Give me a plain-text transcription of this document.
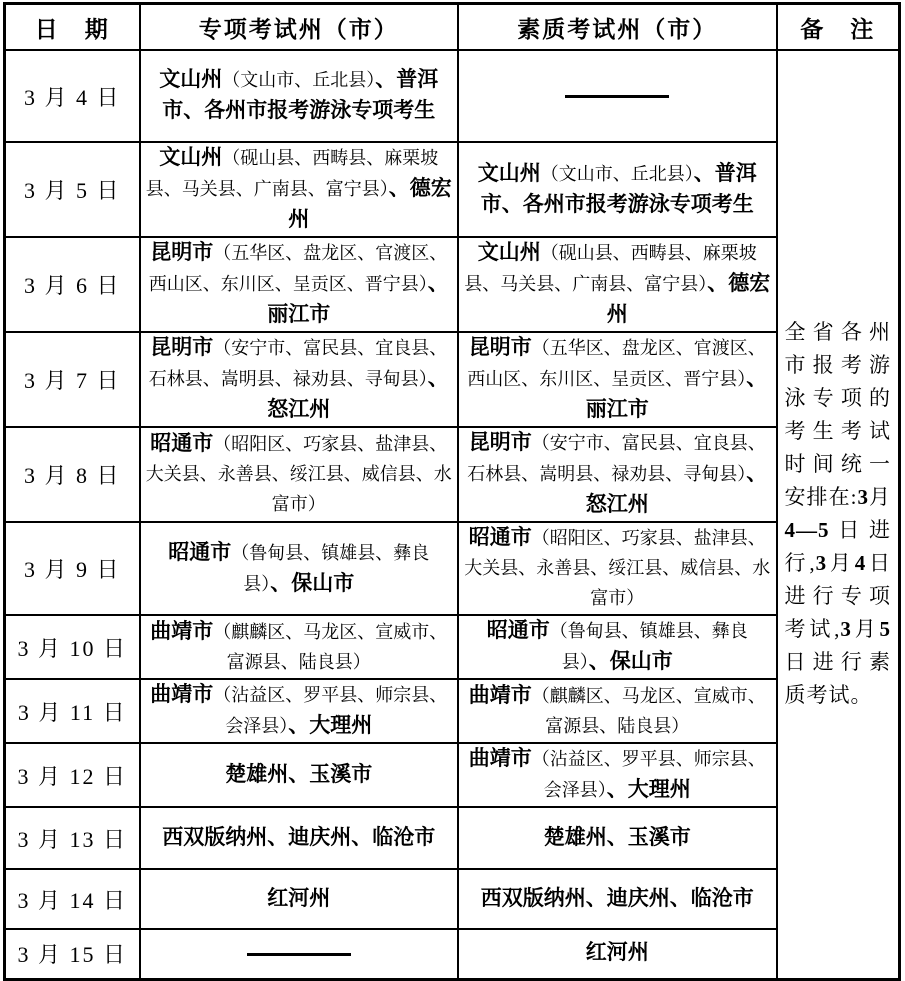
日　期	专项考试州（市）	素质考试州（市）	备　注
3 月 4 日	文山州（文山市、丘北县）、普洱市、各州市报考游泳专项考生		全省各州市报考游泳专项的考生考试时间统一安排在:3月4—5日进行,3月4日进行专项考试,3月5日进行素质考试。
3 月 5 日	文山州（砚山县、西畴县、麻栗坡县、马关县、广南县、富宁县）、德宏州	文山州（文山市、丘北县）、普洱市、各州市报考游泳专项考生	
3 月 6 日	昆明市（五华区、盘龙区、官渡区、西山区、东川区、呈贡区、晋宁县）、丽江市	文山州（砚山县、西畴县、麻栗坡县、马关县、广南县、富宁县）、德宏州	
3 月 7 日	昆明市（安宁市、富民县、宜良县、石林县、嵩明县、禄劝县、寻甸县）、怒江州	昆明市（五华区、盘龙区、官渡区、西山区、东川区、呈贡区、晋宁县）、丽江市	
3 月 8 日	昭通市（昭阳区、巧家县、盐津县、大关县、永善县、绥江县、威信县、水富市）	昆明市（安宁市、富民县、宜良县、石林县、嵩明县、禄劝县、寻甸县）、怒江州	
3 月 9 日	昭通市（鲁甸县、镇雄县、彝良县）、保山市	昭通市（昭阳区、巧家县、盐津县、大关县、永善县、绥江县、威信县、水富市）	
3 月 10 日	曲靖市（麒麟区、马龙区、宣威市、富源县、陆良县）	昭通市（鲁甸县、镇雄县、彝良县）、保山市	
3 月 11 日	曲靖市（沾益区、罗平县、师宗县、会泽县）、大理州	曲靖市（麒麟区、马龙区、宣威市、富源县、陆良县）	
3 月 12 日	楚雄州、玉溪市	曲靖市（沾益区、罗平县、师宗县、会泽县）、大理州	
3 月 13 日	西双版纳州、迪庆州、临沧市	楚雄州、玉溪市	
3 月 14 日	红河州	西双版纳州、迪庆州、临沧市	
3 月 15 日		红河州	
